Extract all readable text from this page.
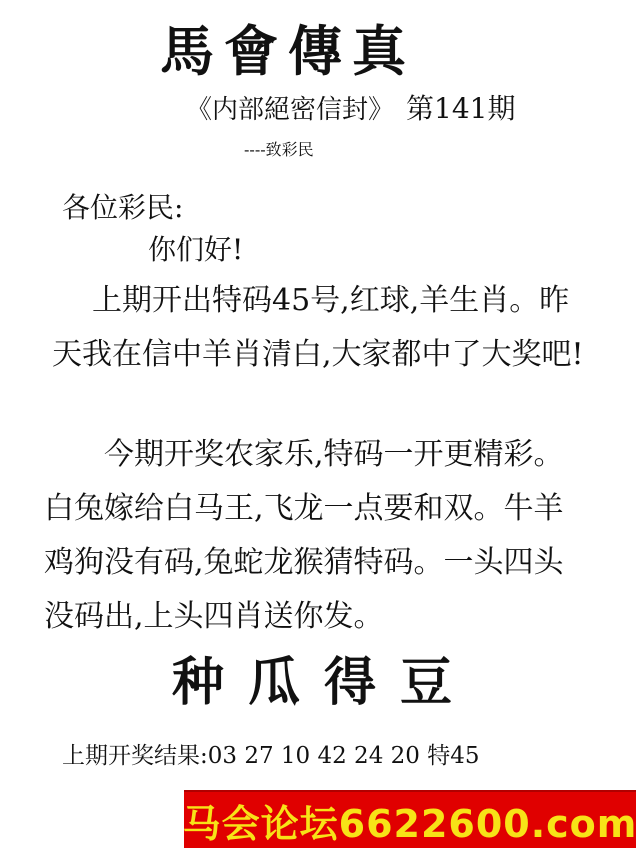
馬會傳真
《内部絕密信封》 第141期
----致彩民
各位彩民:
你们好!

上期开出特码45号,红球,羊生肖。昨天我在信中羊肖清白,大家都中了大奖吧!

今期开奖农家乐,特码一开更精彩。白兔嫁给白马王,飞龙一点要和双。牛羊鸡狗没有码,兔蛇龙猴猜特码。一头四头没码出,上头四肖送你发。

种瓜得豆
上期开奖结果:03 27 10 42 24 20 特45
马会论坛6622600.com
